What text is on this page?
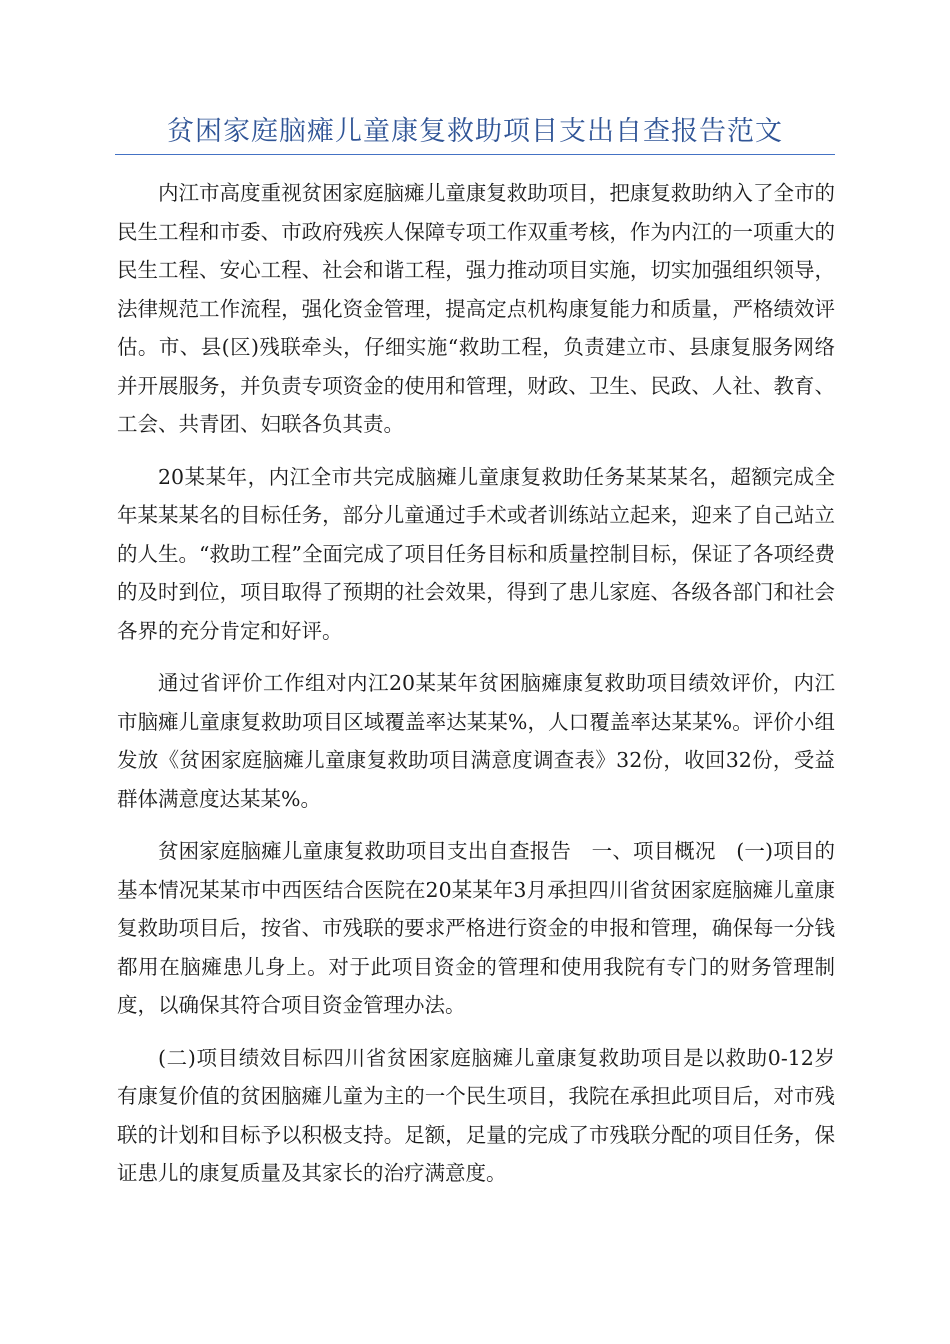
贫困家庭脑瘫儿童康复救助项目支出自查报告范文

内江市高度重视贫困家庭脑瘫儿童康复救助项目，把康复救助纳入了全市的民生工程和市委、市政府残疾人保障专项工作双重考核，作为内江的一项重大的民生工程、安心工程、社会和谐工程，强力推动项目实施，切实加强组织领导，法律规范工作流程，强化资金管理，提高定点机构康复能力和质量，严格绩效评估。市、县(区)残联牵头，仔细实施“救助工程，负责建立市、县康复服务网络并开展服务，并负责专项资金的使用和管理，财政、卫生、民政、人社、教育、工会、共青团、妇联各负其责。

20某某年，内江全市共完成脑瘫儿童康复救助任务某某某名，超额完成全年某某某名的目标任务，部分儿童通过手术或者训练站立起来，迎来了自己站立的人生。“救助工程”全面完成了项目任务目标和质量控制目标，保证了各项经费的及时到位，项目取得了预期的社会效果，得到了患儿家庭、各级各部门和社会各界的充分肯定和好评。

通过省评价工作组对内江20某某年贫困脑瘫康复救助项目绩效评价，内江市脑瘫儿童康复救助项目区域覆盖率达某某%，人口覆盖率达某某%。评价小组发放《贫困家庭脑瘫儿童康复救助项目满意度调查表》32份，收回32份，受益群体满意度达某某%。

贫困家庭脑瘫儿童康复救助项目支出自查报告　一、项目概况　(一)项目的基本情况某某市中西医结合医院在20某某年3月承担四川省贫困家庭脑瘫儿童康复救助项目后，按省、市残联的要求严格进行资金的申报和管理，确保每一分钱都用在脑瘫患儿身上。对于此项目资金的管理和使用我院有专门的财务管理制度，以确保其符合项目资金管理办法。

(二)项目绩效目标四川省贫困家庭脑瘫儿童康复救助项目是以救助0-12岁有康复价值的贫困脑瘫儿童为主的一个民生项目，我院在承担此项目后，对市残联的计划和目标予以积极支持。足额，足量的完成了市残联分配的项目任务，保证患儿的康复质量及其家长的治疗满意度。
